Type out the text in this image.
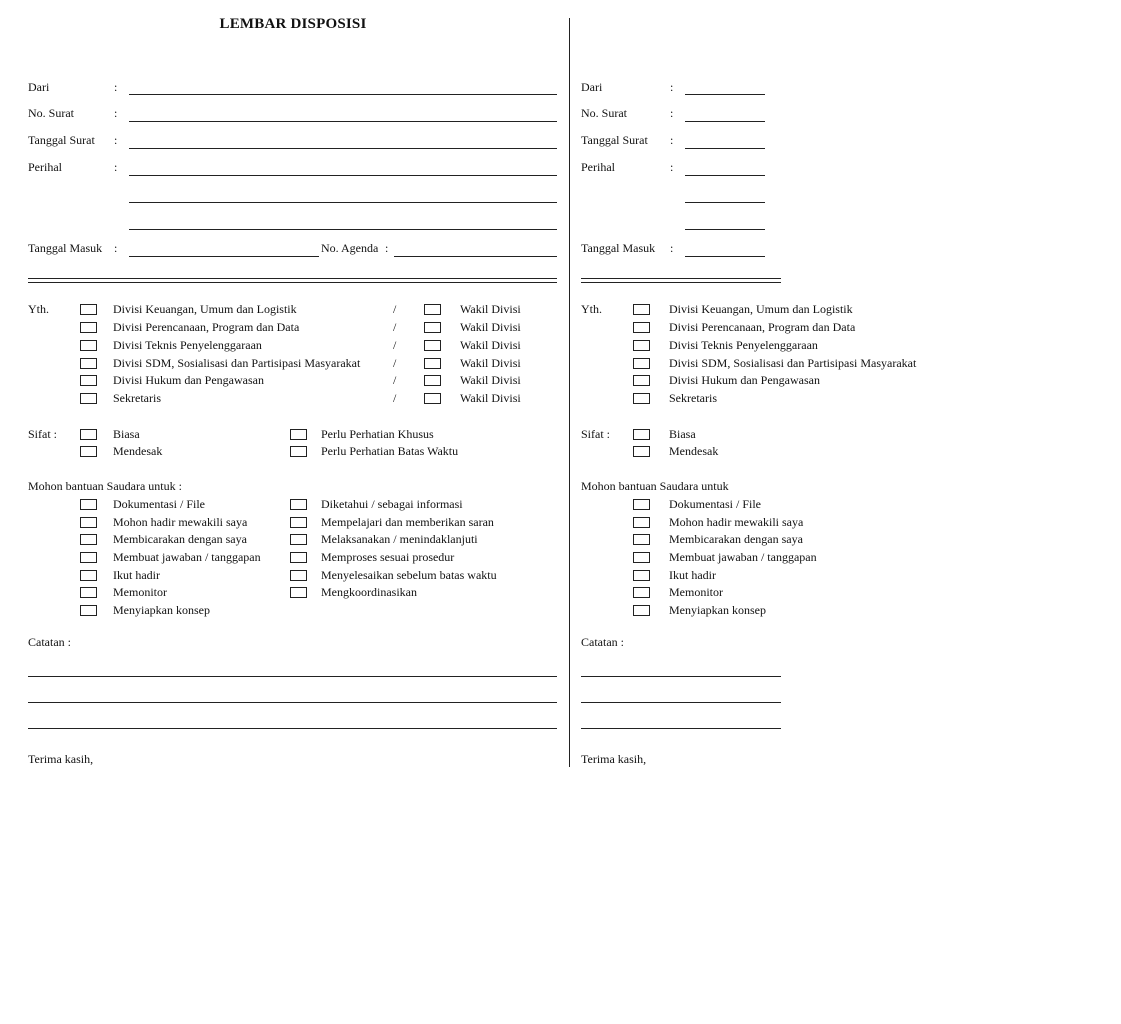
LEMBAR DISPOSISI
Dari	:
No. Surat	:
Tanggal Surat :
Perihal	:
Tanggal Masuk :	No. Agenda :
Yth.	Divisi Keuangan, Umum dan Logistik	/	Wakil Divisi
Divisi Perencanaan, Program dan Data	/	Wakil Divisi
Divisi Teknis Penyelenggaraan	/	Wakil Divisi
Divisi SDM, Sosialisasi dan Partisipasi Masyarakat	/	Wakil Divisi
Divisi Hukum dan Pengawasan	/	Wakil Divisi
Sekretaris	/	Wakil Divisi
Sifat :	Biasa	Perlu Perhatian Khusus
Mendesak	Perlu Perhatian Batas Waktu
Mohon bantuan Saudara untuk :
Dokumentasi / File	Diketahui / sebagai informasi
Mohon hadir mewakili saya	Mempelajari dan memberikan saran
Membicarakan dengan saya	Melaksanakan / menindaklanjuti
Membuat jawaban / tanggapan	Memproses sesuai prosedur
Ikut hadir	Menyelesaikan sebelum batas waktu
Memonitor	Mengkoordinasikan
Menyiapkan konsep
Catatan :
Terima kasih,
Dari	:
No. Surat	:
Tanggal Surat :
Perihal	:
Tanggal Masuk :
Yth.	Divisi Keuangan, Umum dan Logistik
Divisi Perencanaan, Program dan Data
Divisi Teknis Penyelenggaraan
Divisi SDM, Sosialisasi dan Partisipasi Masyarakat
Divisi Hukum dan Pengawasan
Sekretaris
Sifat :	Biasa
Mendesak
Mohon bantuan Saudara untuk
Dokumentasi / File
Mohon hadir mewakili saya
Membicarakan dengan saya
Membuat jawaban / tanggapan
Ikut hadir
Memonitor
Menyiapkan konsep
Catatan :
Terima kasih,
